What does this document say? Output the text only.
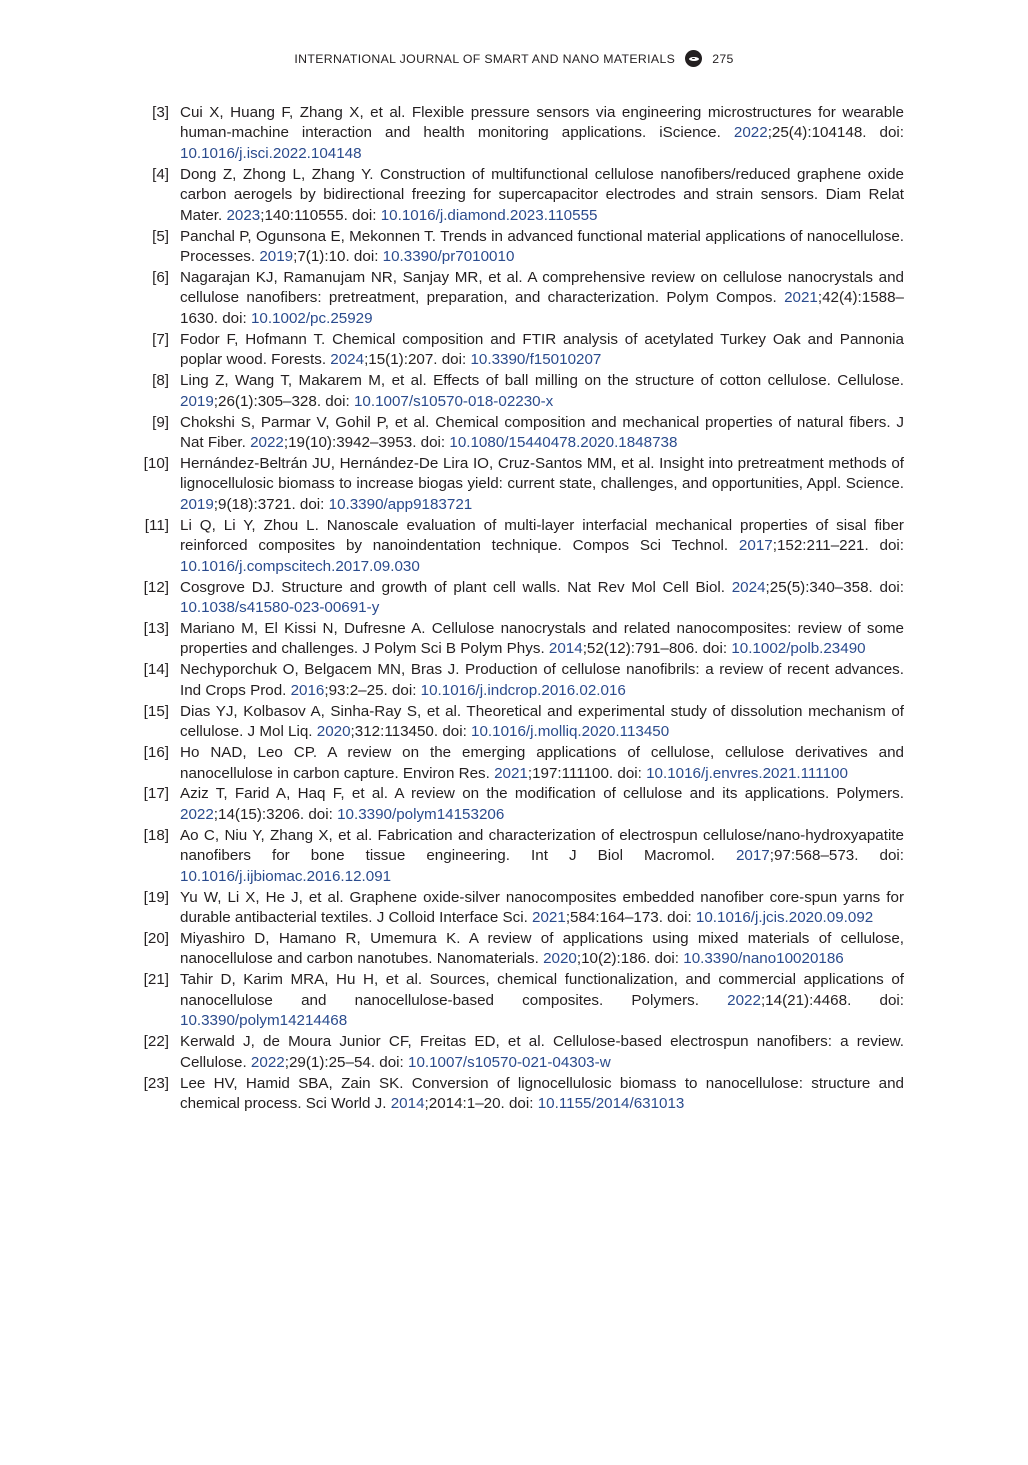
INTERNATIONAL JOURNAL OF SMART AND NANO MATERIALS	275
[3] Cui X, Huang F, Zhang X, et al. Flexible pressure sensors via engineering microstructures for wearable human-machine interaction and health monitoring applications. iScience. 2022;25(4):104148. doi: 10.1016/j.isci.2022.104148
[4] Dong Z, Zhong L, Zhang Y. Construction of multifunctional cellulose nanofibers/reduced graphene oxide carbon aerogels by bidirectional freezing for supercapacitor electrodes and strain sensors. Diam Relat Mater. 2023;140:110555. doi: 10.1016/j.diamond.2023.110555
[5] Panchal P, Ogunsona E, Mekonnen T. Trends in advanced functional material applications of nanocellulose. Processes. 2019;7(1):10. doi: 10.3390/pr7010010
[6] Nagarajan KJ, Ramanujam NR, Sanjay MR, et al. A comprehensive review on cellulose nanocrystals and cellulose nanofibers: pretreatment, preparation, and characterization. Polym Compos. 2021;42(4):1588–1630. doi: 10.1002/pc.25929
[7] Fodor F, Hofmann T. Chemical composition and FTIR analysis of acetylated Turkey Oak and Pannonia poplar wood. Forests. 2024;15(1):207. doi: 10.3390/f15010207
[8] Ling Z, Wang T, Makarem M, et al. Effects of ball milling on the structure of cotton cellulose. Cellulose. 2019;26(1):305–328. doi: 10.1007/s10570-018-02230-x
[9] Chokshi S, Parmar V, Gohil P, et al. Chemical composition and mechanical properties of natural fibers. J Nat Fiber. 2022;19(10):3942–3953. doi: 10.1080/15440478.2020.1848738
[10] Hernández-Beltrán JU, Hernández-De Lira IO, Cruz-Santos MM, et al. Insight into pretreatment methods of lignocellulosic biomass to increase biogas yield: current state, challenges, and opportunities, Appl. Science. 2019;9(18):3721. doi: 10.3390/app9183721
[11] Li Q, Li Y, Zhou L. Nanoscale evaluation of multi-layer interfacial mechanical properties of sisal fiber reinforced composites by nanoindentation technique. Compos Sci Technol. 2017;152:211–221. doi: 10.1016/j.compscitech.2017.09.030
[12] Cosgrove DJ. Structure and growth of plant cell walls. Nat Rev Mol Cell Biol. 2024;25(5):340–358. doi: 10.1038/s41580-023-00691-y
[13] Mariano M, El Kissi N, Dufresne A. Cellulose nanocrystals and related nanocomposites: review of some properties and challenges. J Polym Sci B Polym Phys. 2014;52(12):791–806. doi: 10.1002/polb.23490
[14] Nechyporchuk O, Belgacem MN, Bras J. Production of cellulose nanofibrils: a review of recent advances. Ind Crops Prod. 2016;93:2–25. doi: 10.1016/j.indcrop.2016.02.016
[15] Dias YJ, Kolbasov A, Sinha-Ray S, et al. Theoretical and experimental study of dissolution mechanism of cellulose. J Mol Liq. 2020;312:113450. doi: 10.1016/j.molliq.2020.113450
[16] Ho NAD, Leo CP. A review on the emerging applications of cellulose, cellulose derivatives and nanocellulose in carbon capture. Environ Res. 2021;197:111100. doi: 10.1016/j.envres.2021.111100
[17] Aziz T, Farid A, Haq F, et al. A review on the modification of cellulose and its applications. Polymers. 2022;14(15):3206. doi: 10.3390/polym14153206
[18] Ao C, Niu Y, Zhang X, et al. Fabrication and characterization of electrospun cellulose/nano-hydroxyapatite nanofibers for bone tissue engineering. Int J Biol Macromol. 2017;97:568–573. doi: 10.1016/j.ijbiomac.2016.12.091
[19] Yu W, Li X, He J, et al. Graphene oxide-silver nanocomposites embedded nanofiber core-spun yarns for durable antibacterial textiles. J Colloid Interface Sci. 2021;584:164–173. doi: 10.1016/j.jcis.2020.09.092
[20] Miyashiro D, Hamano R, Umemura K. A review of applications using mixed materials of cellulose, nanocellulose and carbon nanotubes. Nanomaterials. 2020;10(2):186. doi: 10.3390/nano10020186
[21] Tahir D, Karim MRA, Hu H, et al. Sources, chemical functionalization, and commercial applications of nanocellulose and nanocellulose-based composites. Polymers. 2022;14(21):4468. doi: 10.3390/polym14214468
[22] Kerwald J, de Moura Junior CF, Freitas ED, et al. Cellulose-based electrospun nanofibers: a review. Cellulose. 2022;29(1):25–54. doi: 10.1007/s10570-021-04303-w
[23] Lee HV, Hamid SBA, Zain SK. Conversion of lignocellulosic biomass to nanocellulose: structure and chemical process. Sci World J. 2014;2014:1–20. doi: 10.1155/2014/631013
